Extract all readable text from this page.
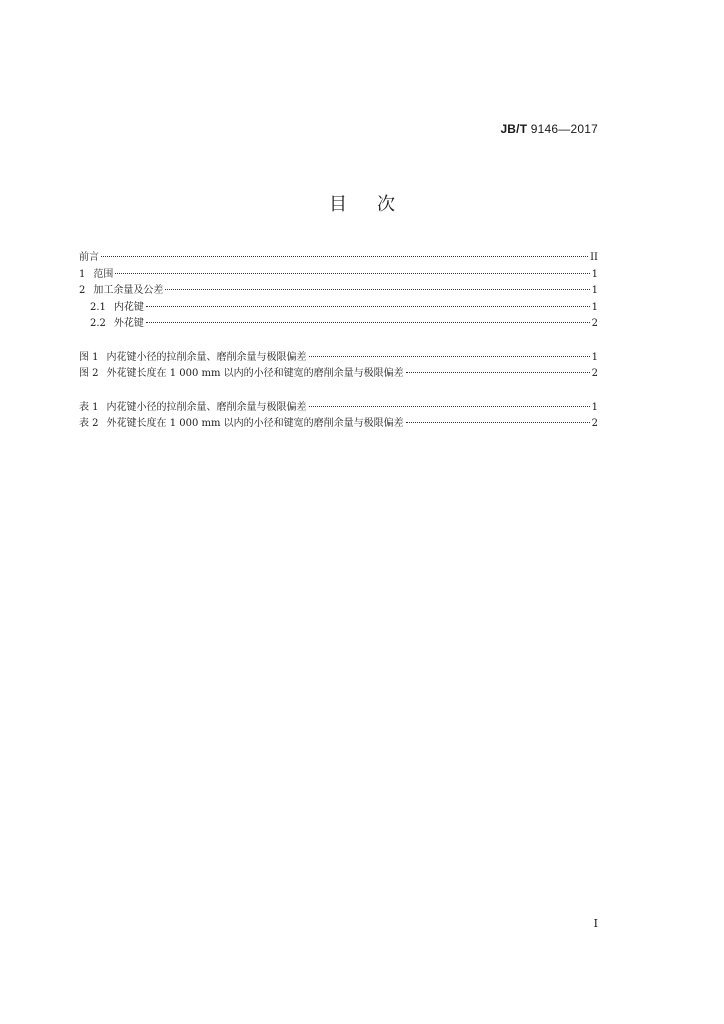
JB/T 9146—2017
目次
前言	II
1 范围	1
2 加工余量及公差	1
2.1 内花键	1
2.2 外花键	2
图 1 内花键小径的拉削余量、磨削余量与极限偏差	1
图 2 外花键长度在 1 000 mm 以内的小径和键宽的磨削余量与极限偏差	2
表 1 内花键小径的拉削余量、磨削余量与极限偏差	1
表 2 外花键长度在 1 000 mm 以内的小径和键宽的磨削余量与极限偏差	2
I
